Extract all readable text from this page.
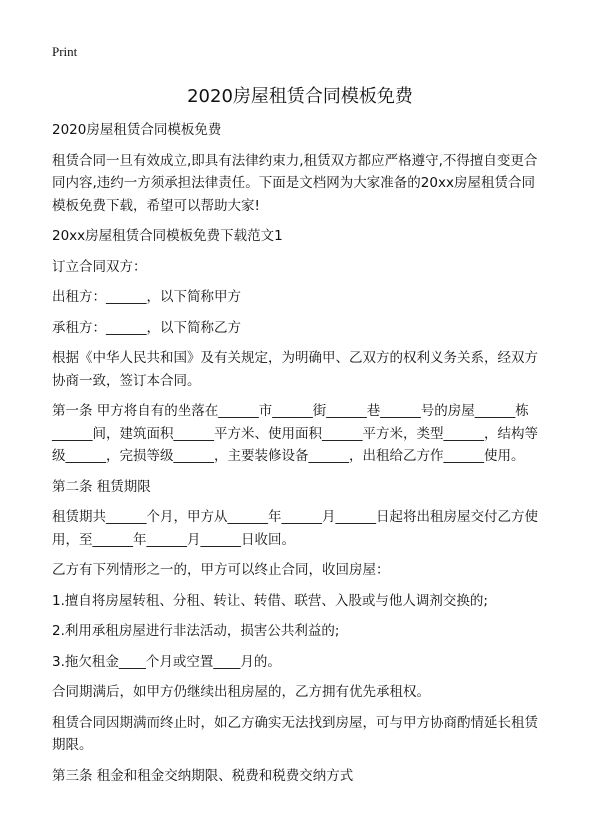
Print
2020房屋租赁合同模板免费

2020房屋租赁合同模板免费

租赁合同一旦有效成立,即具有法律约束力,租赁双方都应严格遵守,不得擅自变更合
同内容,违约一方须承担法律责任。下面是文档网为大家准备的20xx房屋租赁合同
模板免费下载，希望可以帮助大家!

20xx房屋租赁合同模板免费下载范文1

订立合同双方：

出租方：______，以下简称甲方

承租方：______，以下简称乙方

根据《中华人民共和国》及有关规定，为明确甲、乙双方的权利义务关系，经双方
协商一致，签订本合同。

第一条 甲方将自有的坐落在______市______街______巷______号的房屋______栋
______间，建筑面积______平方米、使用面积______平方米，类型______，结构等
级______，完损等级______，主要装修设备______，出租给乙方作______使用。

第二条 租赁期限

租赁期共______个月，甲方从______年______月______日起将出租房屋交付乙方使
用，至______年______月______日收回。

乙方有下列情形之一的，甲方可以终止合同，收回房屋：

1.擅自将房屋转租、分租、转让、转借、联营、入股或与他人调剂交换的;

2.利用承租房屋进行非法活动，损害公共利益的;

3.拖欠租金____个月或空置____月的。

合同期满后，如甲方仍继续出租房屋的，乙方拥有优先承租权。

租赁合同因期满而终止时，如乙方确实无法找到房屋，可与甲方协商酌情延长租赁
期限。

第三条 租金和租金交纳期限、税费和税费交纳方式
